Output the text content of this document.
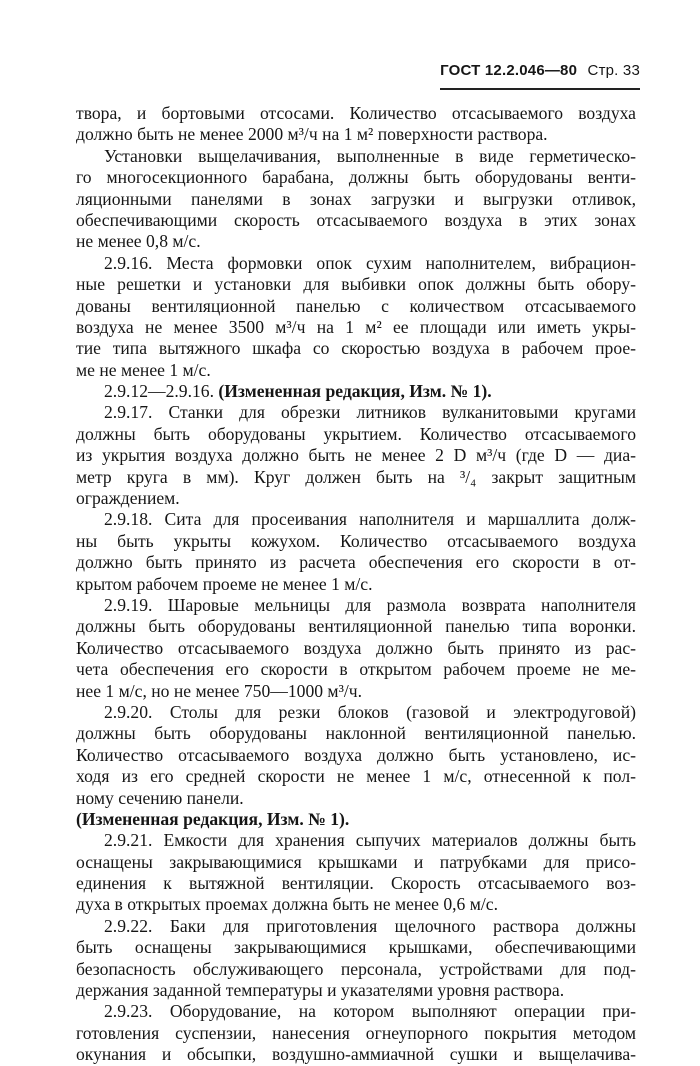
ГОСТ 12.2.046—80 Стр. 33
твора, и бортовыми отсосами. Количество отсасываемого воздуха
должно быть не менее 2000 м³/ч на 1 м² поверхности раствора.
Установки выщелачивания, выполненные в виде герметическо-
го многосекционного барабана, должны быть оборудованы венти-
ляционными панелями в зонах загрузки и выгрузки отливок,
обеспечивающими скорость отсасываемого воздуха в этих зонах
не менее 0,8 м/с.
2.9.16. Места формовки опок сухим наполнителем, вибрацион-
ные решетки и установки для выбивки опок должны быть обору-
дованы вентиляционной панелью с количеством отсасываемого
воздуха не менее 3500 м³/ч на 1 м² ее площади или иметь укры-
тие типа вытяжного шкафа со скоростью воздуха в рабочем прое-
ме не менее 1 м/с.
2.9.12—2.9.16. (Измененная редакция, Изм. № 1).
2.9.17. Станки для обрезки литников вулканитовыми кругами
должны быть оборудованы укрытием. Количество отсасываемого
из укрытия воздуха должно быть не менее 2 D м³/ч (где D — диа-
метр круга в мм). Круг должен быть на ³/₄ закрыт защитным
ограждением.
2.9.18. Сита для просеивания наполнителя и маршаллита долж-
ны быть укрыты кожухом. Количество отсасываемого воздуха
должно быть принято из расчета обеспечения его скорости в от-
крытом рабочем проеме не менее 1 м/с.
2.9.19. Шаровые мельницы для размола возврата наполнителя
должны быть оборудованы вентиляционной панелью типа воронки.
Количество отсасываемого воздуха должно быть принято из рас-
чета обеспечения его скорости в открытом рабочем проеме не ме-
нее 1 м/с, но не менее 750—1000 м³/ч.
2.9.20. Столы для резки блоков (газовой и электродуговой)
должны быть оборудованы наклонной вентиляционной панелью.
Количество отсасываемого воздуха должно быть установлено, ис-
ходя из его средней скорости не менее 1 м/с, отнесенной к пол-
ному сечению панели.
(Измененная редакция, Изм. № 1).
2.9.21. Емкости для хранения сыпучих материалов должны быть
оснащены закрывающимися крышками и патрубками для присо-
единения к вытяжной вентиляции. Скорость отсасываемого воз-
духа в открытых проемах должна быть не менее 0,6 м/с.
2.9.22. Баки для приготовления щелочного раствора должны
быть оснащены закрывающимися крышками, обеспечивающими
безопасность обслуживающего персонала, устройствами для под-
держания заданной температуры и указателями уровня раствора.
2.9.23. Оборудование, на котором выполняют операции при-
готовления суспензии, нанесения огнеупорного покрытия методом
окунания и обсыпки, воздушно-аммиачной сушки и выщелачива-
